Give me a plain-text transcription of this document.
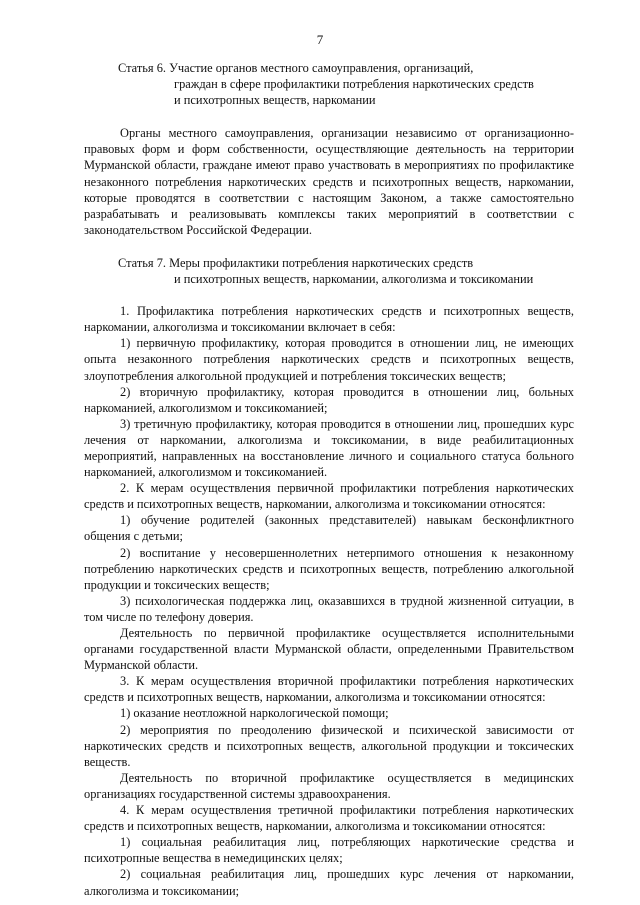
7
Статья 6. Участие органов местного самоуправления, организаций,
граждан в сфере профилактики потребления наркотических средств
и психотропных веществ, наркомании

Органы местного самоуправления, организации независимо от организационно-правовых форм и форм собственности, осуществляющие деятельность на территории Мурманской области, граждане имеют право участвовать в мероприятиях по профилактике незаконного потребления наркотических средств и психотропных веществ, наркомании, которые проводятся в соответствии с настоящим Законом, а также самостоятельно разрабатывать и реализовывать комплексы таких мероприятий в соответствии с законодательством Российской Федерации.

Статья 7. Меры профилактики потребления наркотических средств
и психотропных веществ, наркомании, алкоголизма и токсикомании

1. Профилактика потребления наркотических средств и психотропных веществ, наркомании, алкоголизма и токсикомании включает в себя:

1) первичную профилактику, которая проводится в отношении лиц, не имеющих опыта незаконного потребления наркотических средств и психотропных веществ, злоупотребления алкогольной продукцией и потребления токсических веществ;

2) вторичную профилактику, которая проводится в отношении лиц, больных наркоманией, алкоголизмом и токсикоманией;

3) третичную профилактику, которая проводится в отношении лиц, прошедших курс лечения от наркомании, алкоголизма и токсикомании, в виде реабилитационных мероприятий, направленных на восстановление личного и социального статуса больного наркоманией, алкоголизмом и токсикоманией.

2. К мерам осуществления первичной профилактики потребления наркотических средств и психотропных веществ, наркомании, алкоголизма и токсикомании относятся:

1) обучение родителей (законных представителей) навыкам бесконфликтного общения с детьми;

2) воспитание у несовершеннолетних нетерпимого отношения к незаконному потреблению наркотических средств и психотропных веществ, потреблению алкогольной продукции и токсических веществ;

3) психологическая поддержка лиц, оказавшихся в трудной жизненной ситуации, в том числе по телефону доверия.

Деятельность по первичной профилактике осуществляется исполнительными органами государственной власти Мурманской области, определенными Правительством Мурманской области.

3. К мерам осуществления вторичной профилактики потребления наркотических средств и психотропных веществ, наркомании, алкоголизма и токсикомании относятся:

1) оказание неотложной наркологической помощи;

2) мероприятия по преодолению физической и психической зависимости от наркотических средств и психотропных веществ, алкогольной продукции и токсических веществ.

Деятельность по вторичной профилактике осуществляется в медицинских организациях государственной системы здравоохранения.

4. К мерам осуществления третичной профилактики потребления наркотических средств и психотропных веществ, наркомании, алкоголизма и токсикомании относятся:

1) социальная реабилитация лиц, потребляющих наркотические средства и психотропные вещества в немедицинских целях;

2) социальная реабилитация лиц, прошедших курс лечения от наркомании, алкоголизма и токсикомании;
